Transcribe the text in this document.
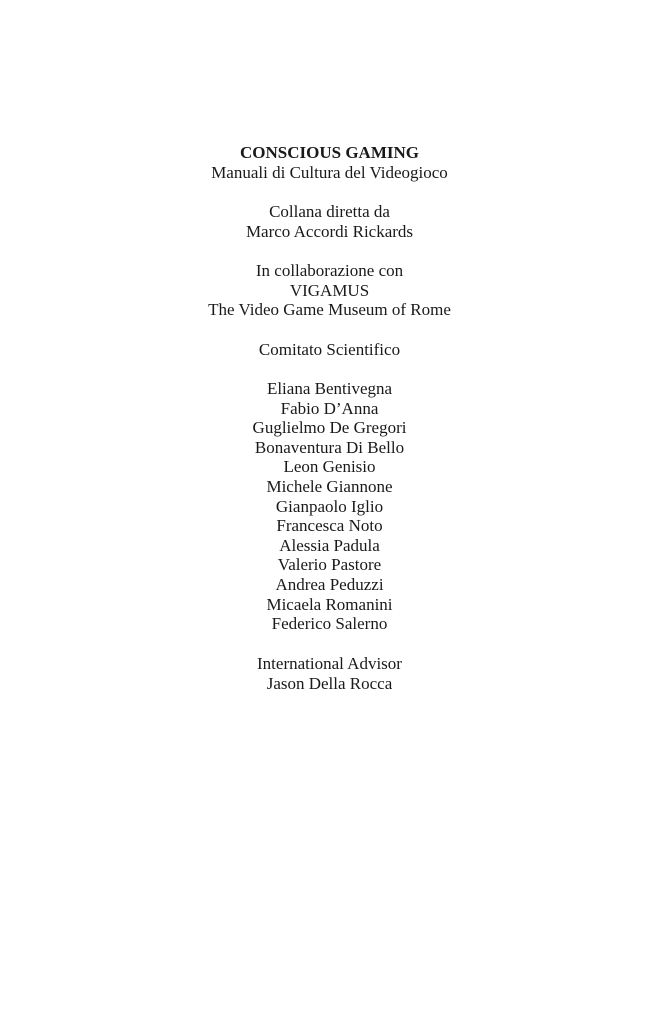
CONSCIOUS GAMING
Manuali di Cultura del Videogioco
Collana diretta da
Marco Accordi Rickards
In collaborazione con
VIGAMUS
The Video Game Museum of Rome
Comitato Scientifico
Eliana Bentivegna
Fabio D’Anna
Guglielmo De Gregori
Bonaventura Di Bello
Leon Genisio
Michele Giannone
Gianpaolo Iglio
Francesca Noto
Alessia Padula
Valerio Pastore
Andrea Peduzzi
Micaela Romanini
Federico Salerno
International Advisor
Jason Della Rocca
